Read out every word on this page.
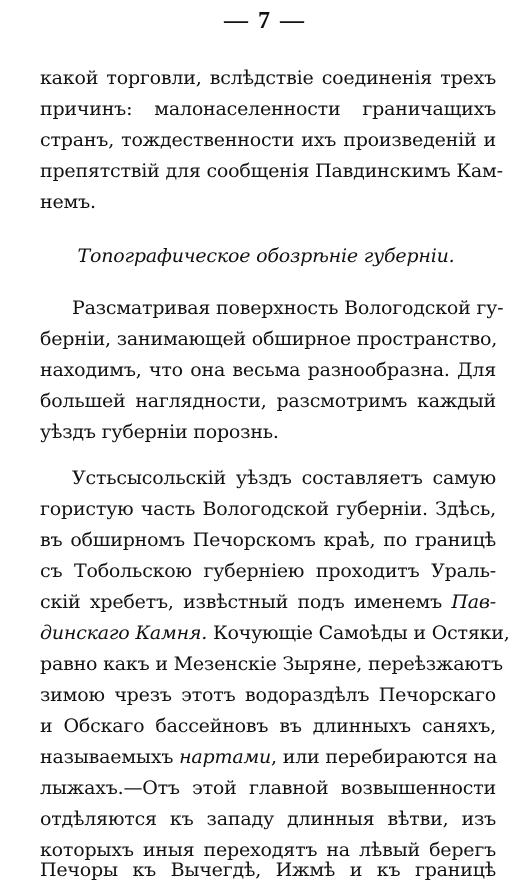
— 7 —
какой торговли, вслѣдствіе соединенія трехъ
причинъ: малонаселенности граничащихъ
странъ, тождественности ихъ произведеній и
препятствій для сообщенія Павдинскимъ Кам-
немъ.
Топографическое обозрѣніе губерніи.
Разсматривая поверхность Вологодской гу-
берніи, занимающей обширное пространство,
находимъ, что она весьма разнообразна. Для
большей наглядности, разсмотримъ каждый
уѣздъ губерніи порознь.
Устьсысольскій уѣздъ составляетъ самую
гористую часть Вологодской губерніи. Здѣсь,
въ обширномъ Печорскомъ краѣ, по границѣ
съ Тобольскою губерніею проходитъ Ураль-
скій хребетъ, извѣстный подъ именемъ Пав-
динскаго Камня. Кочующіе Самоѣды и Остяки,
равно какъ и Мезенскіе Зыряне, переѣзжаютъ
зимою чрезъ этотъ водораздѣлъ Печорскаго
и Обскаго бассейновъ въ длинныхъ саняхъ,
называемыхъ нартами, или перебираются на
лыжахъ.—Отъ этой главной возвышенности
отдѣляются къ западу длинныя вѣтви, изъ
которыхъ иныя переходятъ на лѣвый берегъ
Печоры къ Вычегдѣ, Ижмѣ и къ границѣ
